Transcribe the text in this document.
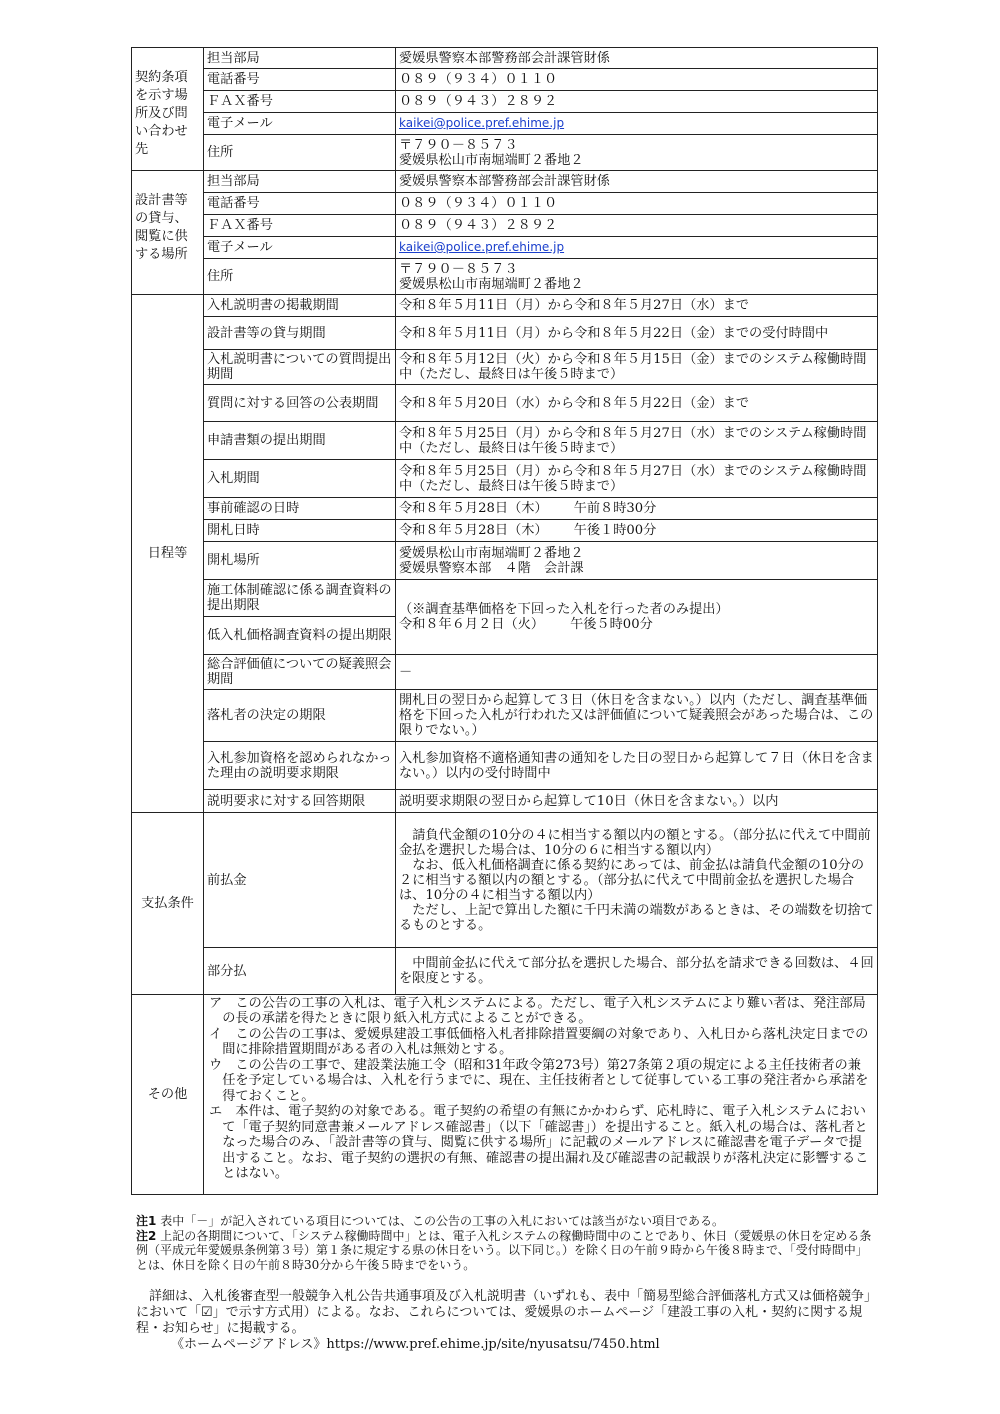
契約条項を示す場所及び問い合わせ先	担当部局	愛媛県警察本部警務部会計課管財係
	電話番号	０８９（９３４）０１１０
	ＦＡＸ番号	０８９（９４３）２８９２
	電子メール	kaikei@police.pref.ehime.jp
	住所	〒７９０－８５７３
愛媛県松山市南堀端町２番地２

設計書等の貸与、閲覧に供する場所	担当部局	愛媛県警察本部警務部会計課管財係
	電話番号	０８９（９３４）０１１０
	ＦＡＸ番号	０８９（９４３）２８９２
	電子メール	kaikei@police.pref.ehime.jp
	住所	〒７９０－８５７３
愛媛県松山市南堀端町２番地２

日程等	入札説明書の掲載期間	令和８年５月11日（月）から令和８年５月27日（水）まで
	設計書等の貸与期間	令和８年５月11日（月）から令和８年５月22日（金）までの受付時間中
	入札説明書についての質問提出期間	令和８年５月12日（火）から令和８年５月15日（金）までのシステム稼働時間中（ただし、最終日は午後５時まで）
	質問に対する回答の公表期間	令和８年５月20日（水）から令和８年５月22日（金）まで
	申請書類の提出期間	令和８年５月25日（月）から令和８年５月27日（水）までのシステム稼働時間中（ただし、最終日は午後５時まで）
	入札期間	令和８年５月25日（月）から令和８年５月27日（水）までのシステム稼働時間中（ただし、最終日は午後５時まで）
	事前確認の日時	令和８年５月28日（木） 午前８時30分
	開札日時	令和８年５月28日（木） 午後１時00分
	開札場所	愛媛県松山市南堀端町２番地２
愛媛県警察本部　４階　会計課

	施工体制確認に係る調査資料の提出期限	（※調査基準価格を下回った入札を行った者のみ提出）
令和８年６月２日（火） 午後５時00分

	低入札価格調査資料の提出期限	
	総合評価値についての疑義照会期間	－
	落札者の決定の期限	開札日の翌日から起算して３日（休日を含まない。）以内（ただし、調査基準価格を下回った入札が行われた又は評価値について疑義照会があった場合は、この限りでない。）
	入札参加資格を認められなかった理由の説明要求期限	入札参加資格不適格通知書の通知をした日の翌日から起算して７日（休日を含まない。）以内の受付時間中
	説明要求に対する回答期限	説明要求期限の翌日から起算して10日（休日を含まない。）以内
支払条件	前払金	請負代金額の10分の４に相当する額以内の額とする。（部分払に代えて中間前金払を選択した場合は、10分の６に相当する額以内）
なお、低入札価格調査に係る契約にあっては、前金払は請負代金額の10分の２に相当する額以内の額とする。（部分払に代えて中間前金払を選択した場合は、10分の４に相当する額以内）
ただし、上記で算出した額に千円未満の端数があるときは、その端数を切捨てるものとする。

	部分払	中間前金払に代えて部分払を選択した場合、部分払を請求できる回数は、４回を限度とする。
その他	ア　この公告の工事の入札は、電子入札システムによる。ただし、電子入札システムにより難い者は、発注部局の長の承諾を得たときに限り紙入札方式によることができる。

イ　この公告の工事は、愛媛県建設工事低価格入札者排除措置要綱の対象であり、入札日から落札決定日までの間に排除措置期間がある者の入札は無効とする。

ウ　この公告の工事で、建設業法施工令（昭和31年政令第273号）第27条第２項の規定による主任技術者の兼任を予定している場合は、入札を行うまでに、現在、主任技術者として従事している工事の発注者から承諾を得ておくこと。

エ　本件は、電子契約の対象である。電子契約の希望の有無にかかわらず、応札時に、電子入札システムにおいて「電子契約同意書兼メールアドレス確認書」（以下「確認書」）を提出すること。紙入札の場合は、落札者となった場合のみ、「設計書等の貸与、閲覧に供する場所」に記載のメールアドレスに確認書を電子データで提出すること。なお、電子契約の選択の有無、確認書の提出漏れ及び確認書の記載誤りが落札決定に影響することはない。	

注1 表中「－」が記入されている項目については、この公告の工事の入札においては該当がない項目である。

注2 上記の各期間について、「システム稼働時間中」とは、電子入札システムの稼働時間中のことであり、休日（愛媛県の休日を定める条例（平成元年愛媛県条例第３号）第１条に規定する県の休日をいう。以下同じ。）を除く日の午前９時から午後８時まで、「受付時間中」とは、休日を除く日の午前８時30分から午後５時までをいう。

詳細は、入札後審査型一般競争入札公告共通事項及び入札説明書（いずれも、表中「簡易型総合評価落札方式又は価格競争」において「☑」で示す方式用）による。なお、これらについては、愛媛県のホームページ「建設工事の入札・契約に関する規程・お知らせ」に掲載する。

《ホームページアドレス》https://www.pref.ehime.jp/site/nyusatsu/7450.html
